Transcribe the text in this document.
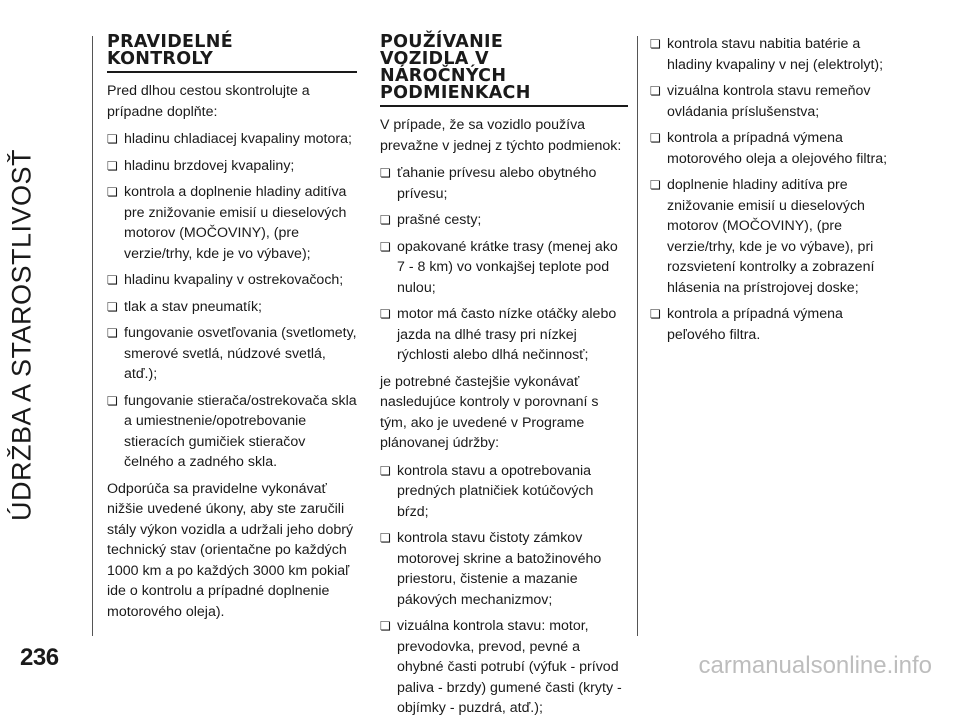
ÚDRŽBA A STAROSTLIVOSŤ
PRAVIDELNÉ
KONTROLY

Pred dlhou cestou skontrolujte a prípadne doplňte:

❏hladinu chladiacej kvapaliny motora;
❏hladinu brzdovej kvapaliny;
❏kontrola a doplnenie hladiny aditíva pre znižovanie emisií u dieselových motorov (MOČOVINY), (pre verzie/trhy, kde je vo výbave);
❏hladinu kvapaliny v ostrekovačoch;
❏tlak a stav pneumatík;
❏fungovanie osvetľovania (svetlomety, smerové svetlá, núdzové svetlá, atď.);
❏fungovanie stierača/ostrekovača skla a umiestnenie/opotrebovanie stieracích gumičiek stieračov čelného a zadného skla.

Odporúča sa pravidelne vykonávať nižšie uvedené úkony, aby ste zaručili stály výkon vozidla a udržali jeho dobrý technický stav (orientačne po každých 1000 km a po každých 3000 km pokiaľ ide o kontrolu a prípadné doplnenie motorového oleja).

POUŽÍVANIE
VOZIDLA V
NÁROČNÝCH
PODMIENKACH

V prípade, že sa vozidlo používa prevažne v jednej z týchto podmienok:

❏ťahanie prívesu alebo obytného prívesu;
❏prašné cesty;
❏opakované krátke trasy (menej ako 7 - 8 km) vo vonkajšej teplote pod nulou;
❏motor má často nízke otáčky alebo jazda na dlhé trasy pri nízkej rýchlosti alebo dlhá nečinnosť;

je potrebné častejšie vykonávať nasledujúce kontroly v porovnaní s tým, ako je uvedené v Programe plánovanej údržby:

❏kontrola stavu a opotrebovania predných platničiek kotúčových bŕzd;
❏kontrola stavu čistoty zámkov motorovej skrine a batožinového priestoru, čistenie a mazanie pákových mechanizmov;
❏vizuálna kontrola stavu: motor, prevodovka, prevod, pevné a ohybné časti potrubí (výfuk - prívod paliva - brzdy) gumené časti (kryty - objímky - puzdrá, atď.);
❏kontrola stavu nabitia batérie a hladiny kvapaliny v nej (elektrolyt);
❏vizuálna kontrola stavu remeňov ovládania príslušenstva;
❏kontrola a prípadná výmena motorového oleja a olejového filtra;
❏doplnenie hladiny aditíva pre znižovanie emisií u dieselových motorov (MOČOVINY), (pre verzie/trhy, kde je vo výbave), pri rozsvietení kontrolky a zobrazení hlásenia na prístrojovej doske;
❏kontrola a prípadná výmena peľového filtra.
236	carmanualsonline.info
